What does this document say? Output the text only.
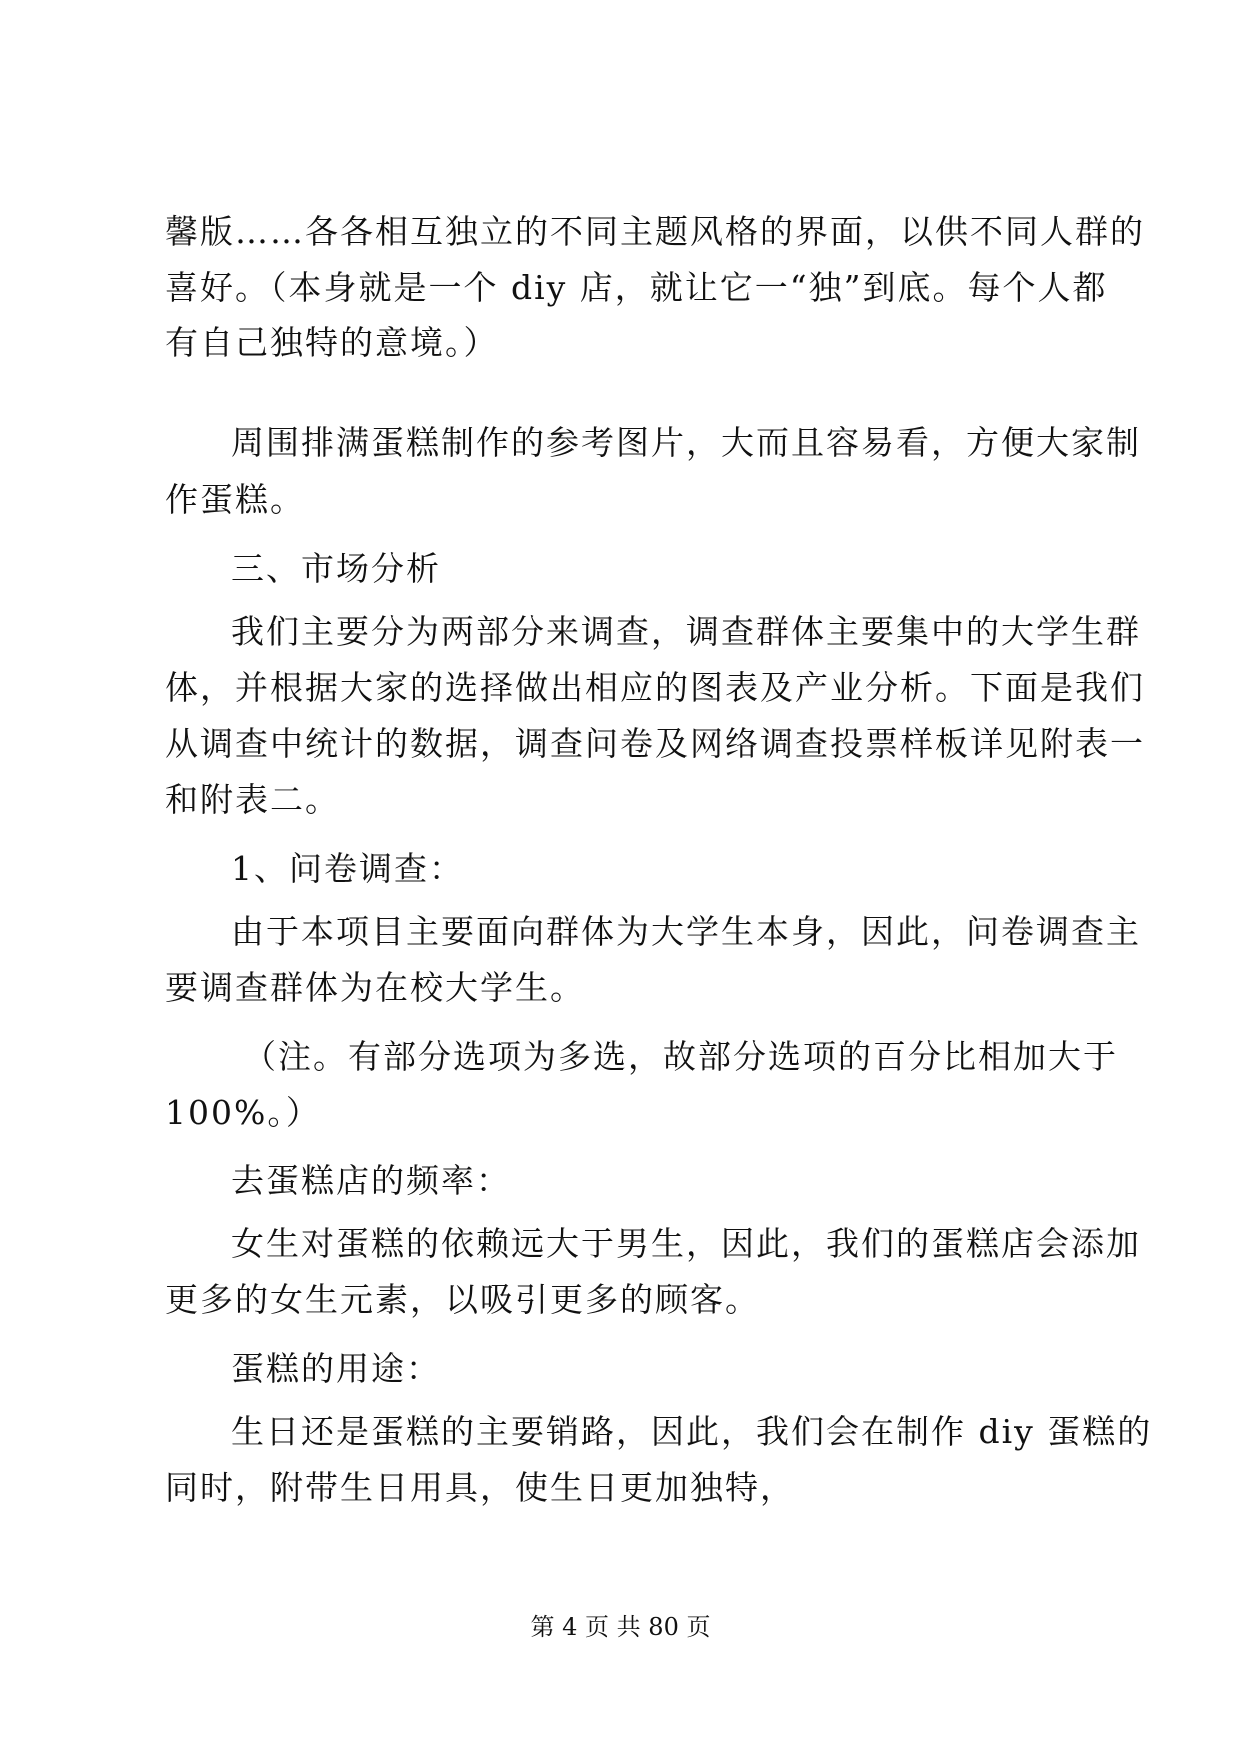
馨版……各各相互独立的不同主题风格的界面，以供不同人群的
喜好。（本身就是一个 diy 店，就让它一“独”到底。每个人都
有自己独特的意境。）
周围排满蛋糕制作的参考图片，大而且容易看，方便大家制
作蛋糕。
三、市场分析
我们主要分为两部分来调查，调查群体主要集中的大学生群
体，并根据大家的选择做出相应的图表及产业分析。下面是我们
从调查中统计的数据，调查问卷及网络调查投票样板详见附表一
和附表二。
1、问卷调查：
由于本项目主要面向群体为大学生本身，因此，问卷调查主
要调查群体为在校大学生。
（注。有部分选项为多选，故部分选项的百分比相加大于
100%。）
去蛋糕店的频率：
女生对蛋糕的依赖远大于男生，因此，我们的蛋糕店会添加
更多的女生元素，以吸引更多的顾客。
蛋糕的用途：
生日还是蛋糕的主要销路，因此，我们会在制作 diy 蛋糕的
同时，附带生日用具，使生日更加独特，
第 4 页 共 80 页
